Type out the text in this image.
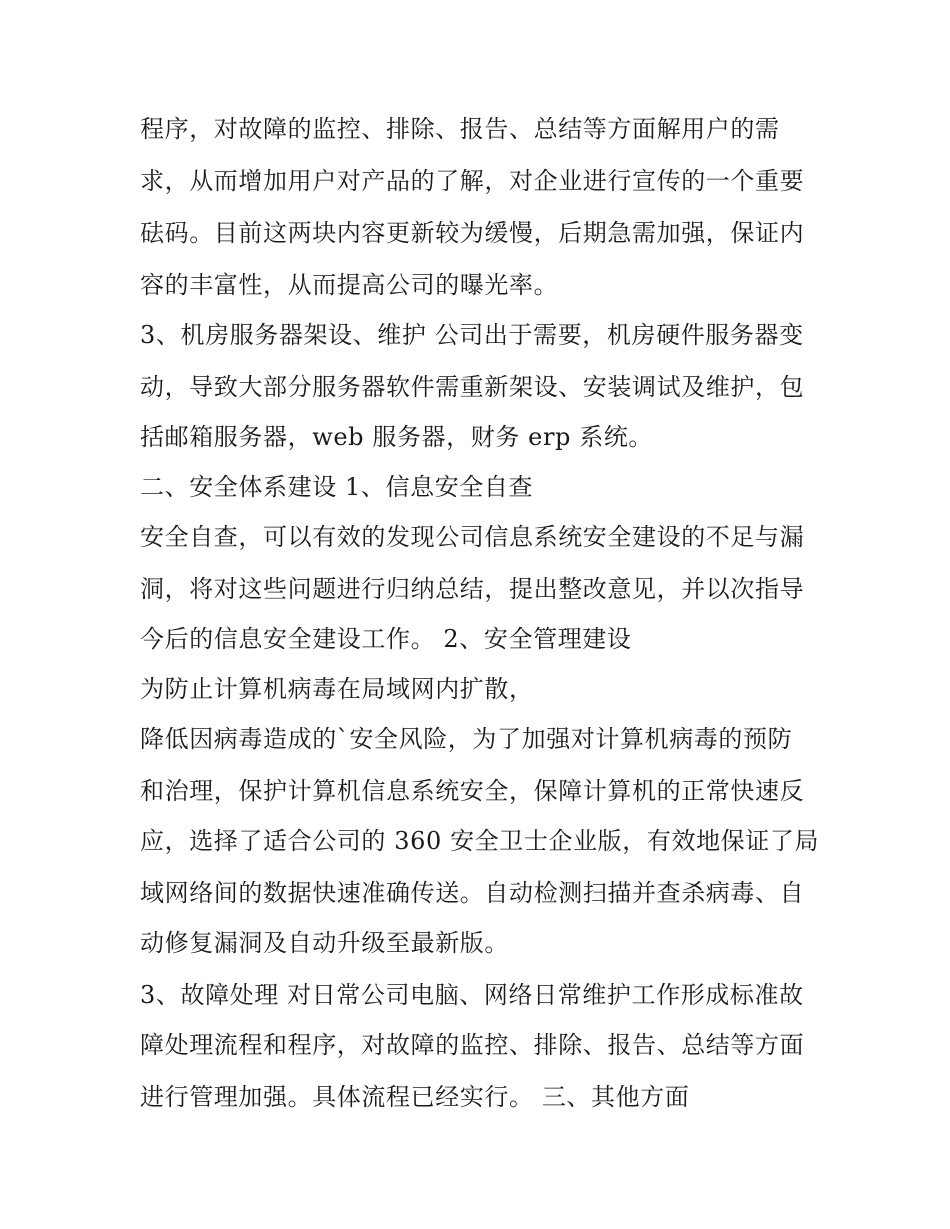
程序，对故障的监控、排除、报告、总结等方面解用户的需
求，从而增加用户对产品的了解，对企业进行宣传的一个重要
砝码。目前这两块内容更新较为缓慢，后期急需加强，保证内
容的丰富性，从而提高公司的曝光率。
3、机房服务器架设、维护 公司出于需要，机房硬件服务器变
动，导致大部分服务器软件需重新架设、安装调试及维护，包
括邮箱服务器，web 服务器，财务 erp 系统。
二、安全体系建设 1、信息安全自查
安全自查，可以有效的发现公司信息系统安全建设的不足与漏
洞，将对这些问题进行归纳总结，提出整改意见，并以次指导
今后的信息安全建设工作。 2、安全管理建设
为防止计算机病毒在局域网内扩散，
降低因病毒造成的`安全风险，为了加强对计算机病毒的预防
和治理，保护计算机信息系统安全，保障计算机的正常快速反
应，选择了适合公司的 360 安全卫士企业版，有效地保证了局
域网络间的数据快速准确传送。自动检测扫描并查杀病毒、自
动修复漏洞及自动升级至最新版。
3、故障处理 对日常公司电脑、网络日常维护工作形成标准故
障处理流程和程序，对故障的监控、排除、报告、总结等方面
进行管理加强。具体流程已经实行。 三、其他方面
